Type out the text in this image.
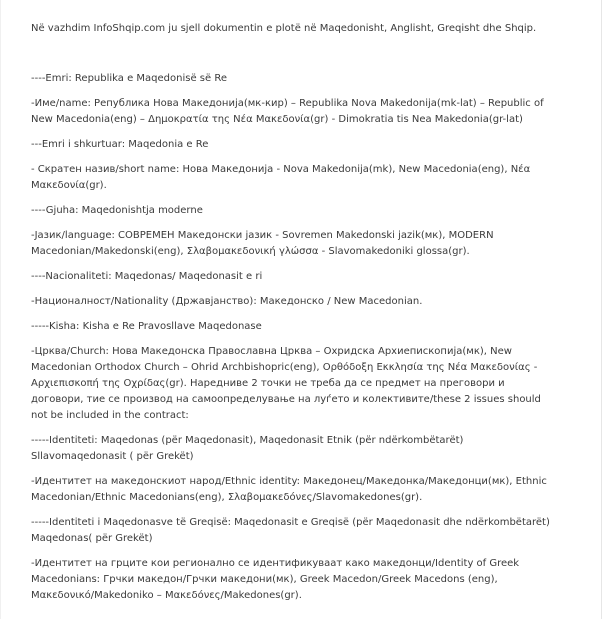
Në vazhdim InfoShqip.com ju sjell dokumentin e plotë në Maqedonisht, Anglisht, Greqisht dhe Shqip.

----Emri: Republika e Maqedonisë së Re

-Име/name: Република Нова Македонија(мк-кир) – Republika Nova Makedonija(mk-lat) – Republic of New Macedonia(eng) – Δημοκρατία της Νέα Μακεδονία(gr) - Dimokratia tis Nea Makedonia(gr-lat)

---Emri i shkurtuar: Maqedonia e Re

- Скратен назив/short name: Нова Македонија - Nova Makedonija(mk), New Macedonia(eng), Νέα Μακεδονία(gr).

----Gjuha: Maqedonishtja moderne

-Јазик/language: СОВРЕМЕН Македонски јазик - Sovremen Makedonski jazik(мк), MODERN Macedonian/Makedonski(eng), Σλαβομακεδονική γλώσσα - Slavomakedoniki glossa(gr).

----Nacionaliteti: Maqedonas/ Maqedonasit e ri

-Националност/Nationality (Државјанство): Македонско / New Macedonian.

-----Kisha: Kisha e Re Pravosllave Maqedonase

-Црква/Church: Нова Македонска Православна Црква – Охридска Архиепископија(мк), New Macedonian Orthodox Church – Ohrid Archbishopric(eng), Ορθόδοξη Εκκλησία της Νέα Μακεδονίας - Αρχιεπισκοπή της Οχρίδας(gr). Наредниве 2 точки не треба да се предмет на преговори и договори, тие се производ на самоопределување на луѓето и колективите/these 2 issues should not be included in the contract:

-----Identiteti: Maqedonas (për Maqedonasit), Maqedonasit Etnik (për ndërkombëtarët) Sllavomaqedonasit ( për Grekët)

-Идентитет на македонскиот народ/Ethnic identity: Македонец/Македонка/Македонци(мк), Ethnic Macedonian/Ethnic Macedonians(eng), Σλαβομακεδόνες/Slavomakedones(gr).

-----Identiteti i Maqedonasve të Greqisë: Maqedonasit e Greqisë (për Maqedonasit dhe ndërkombëtarët) Maqedonas( për Grekët)

-Идентитет на грците кои регионално се идентификуваат како македонци/Identity of Greek Macedonians: Грчки македон/Грчки македони(мк), Greek Macedon/Greek Macedons (eng), Μακεδονικό/Makedoniko – Μακεδόνες/Makedones(gr).
